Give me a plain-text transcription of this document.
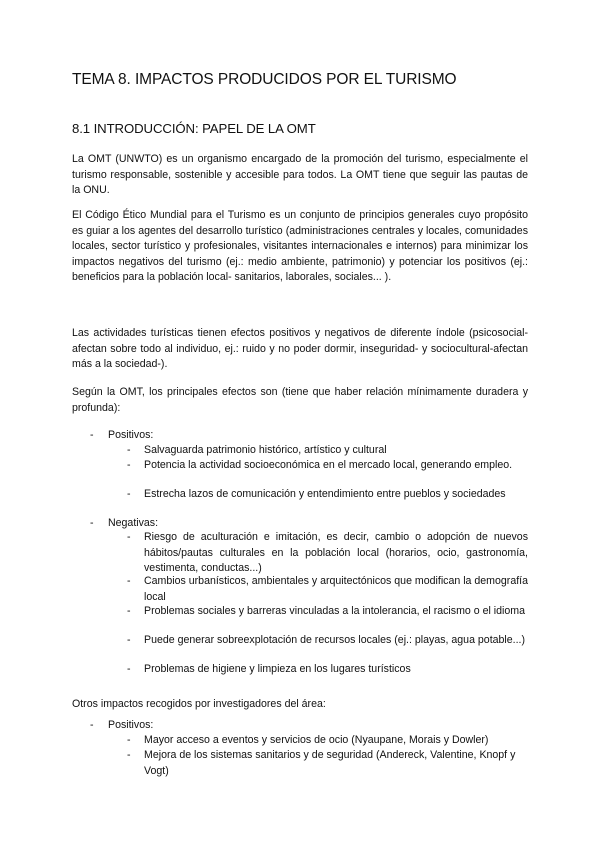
TEMA 8. IMPACTOS PRODUCIDOS POR EL TURISMO
8.1 INTRODUCCIÓN: PAPEL DE LA OMT

La OMT (UNWTO) es un organismo encargado de la promoción del turismo, especialmente el turismo responsable, sostenible y accesible para todos. La OMT tiene que seguir las pautas de la ONU.

El Código Ético Mundial para el Turismo es un conjunto de principios generales cuyo propósito es guiar a los agentes del desarrollo turístico (administraciones centrales y locales, comunidades locales, sector turístico y profesionales, visitantes internacionales e internos) para minimizar los impactos negativos del turismo (ej.: medio ambiente, patrimonio) y potenciar los positivos (ej.: beneficios para la población local- sanitarios, laborales, sociales... ).

Las actividades turísticas tienen efectos positivos y negativos de diferente índole (psicosocial- afectan sobre todo al individuo, ej.: ruido y no poder dormir, inseguridad- y sociocultural-afectan más a la sociedad-).

Según la OMT, los principales efectos son (tiene que haber relación mínimamente duradera y profunda):

- Positivos:
- Salvaguarda patrimonio histórico, artístico y cultural

- Potencia la actividad socioeconómica en el mercado local, generando empleo.

- Estrecha lazos de comunicación y entendimiento entre pueblos y sociedades

- Negativas:
- Riesgo de aculturación e imitación, es decir, cambio o adopción de nuevos hábitos/pautas culturales en la población local (horarios, ocio, gastronomía, vestimenta, conductas...)

- Cambios urbanísticos, ambientales y arquitectónicos que modifican la demografía local

- Problemas sociales y barreras vinculadas a la intolerancia, el racismo o el idioma

- Puede generar sobreexplotación de recursos locales (ej.: playas, agua potable...)

- Problemas de higiene y limpieza en los lugares turísticos

Otros impactos recogidos por investigadores del área:

- Positivos:
- Mayor acceso a eventos y servicios de ocio (Nyaupane, Morais y Dowler)

- Mejora de los sistemas sanitarios y de seguridad (Andereck, Valentine, Knopf y Vogt)
